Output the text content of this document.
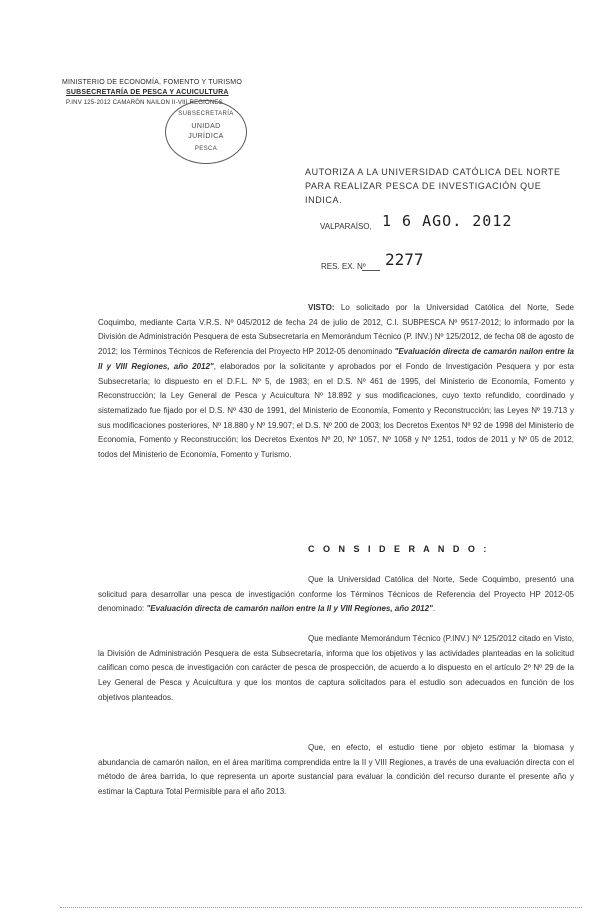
MINISTERIO DE ECONOMÍA, FOMENTO Y TURISMO
SUBSECRETARÍA DE PESCA Y ACUICULTURA
P.INV 125-2012 CAMARÓN NAILON II-VIII REGIONES
SUBSECRETARÍA
UNIDAD
JURÍDICA
PESCA
AUTORIZA A LA UNIVERSIDAD CATÓLICA DEL NORTE PARA REALIZAR PESCA DE INVESTIGACIÓN QUE INDICA.
VALPARAÍSO, 1 6 AGO. 2012
RES. EX. Nº 2277
VISTO: Lo solicitado por la Universidad Católica del Norte, Sede Coquimbo, mediante Carta V.R.S. Nº 045/2012 de fecha 24 de julio de 2012, C.I. SUBPESCA Nº 9517-2012; lo informado por la División de Administración Pesquera de esta Subsecretaría en Memorándum Técnico (P. INV.) Nº 125/2012, de fecha 08 de agosto de 2012; los Términos Técnicos de Referencia del Proyecto HP 2012-05 denominado "Evaluación directa de camarón nailon entre la II y VIII Regiones, año 2012", elaborados por la solicitante y aprobados por el Fondo de Investigación Pesquera y por esta Subsecretaría; lo dispuesto en el D.F.L. Nº 5, de 1983; en el D.S. Nº 461 de 1995, del Ministerio de Economía, Fomento y Reconstrucción; la Ley General de Pesca y Acuicultura Nº 18.892 y sus modificaciones, cuyo texto refundido, coordinado y sistematizado fue fijado por el D.S. Nº 430 de 1991, del Ministerio de Economía, Fomento y Reconstrucción; las Leyes Nº 19.713 y sus modificaciones posteriores, Nº 18.880 y Nº 19.907; el D.S. Nº 200 de 2003; los Decretos Exentos Nº 92 de 1998 del Ministerio de Economía, Fomento y Reconstrucción; los Decretos Exentos Nº 20, Nº 1057, Nº 1058 y Nº 1251, todos de 2011 y Nº 05 de 2012, todos del Ministerio de Economía, Fomento y Turismo.
C O N S I D E R A N D O :
Que la Universidad Católica del Norte, Sede Coquimbo, presentó una solicitud para desarrollar una pesca de investigación conforme los Términos Técnicos de Referencia del Proyecto HP 2012-05 denominado: "Evaluación directa de camarón nailon entre la II y VIII Regiones, año 2012".
Que mediante Memorándum Técnico (P.INV.) Nº 125/2012 citado en Visto, la División de Administración Pesquera de esta Subsecretaría, informa que los objetivos y las actividades planteadas en la solicitud califican como pesca de investigación con carácter de pesca de prospección, de acuerdo a lo dispuesto en el artículo 2º Nº 29 de la Ley General de Pesca y Acuicultura y que los montos de captura solicitados para el estudio son adecuados en función de los objetivos planteados.
Que, en efecto, el estudio tiene por objeto estimar la biomasa y abundancia de camarón nailon, en el área marítima comprendida entre la II y VIII Regiones, a través de una evaluación directa con el método de área barrida, lo que representa un aporte sustancial para evaluar la condición del recurso durante el presente año y estimar la Captura Total Permisible para el año 2013.
